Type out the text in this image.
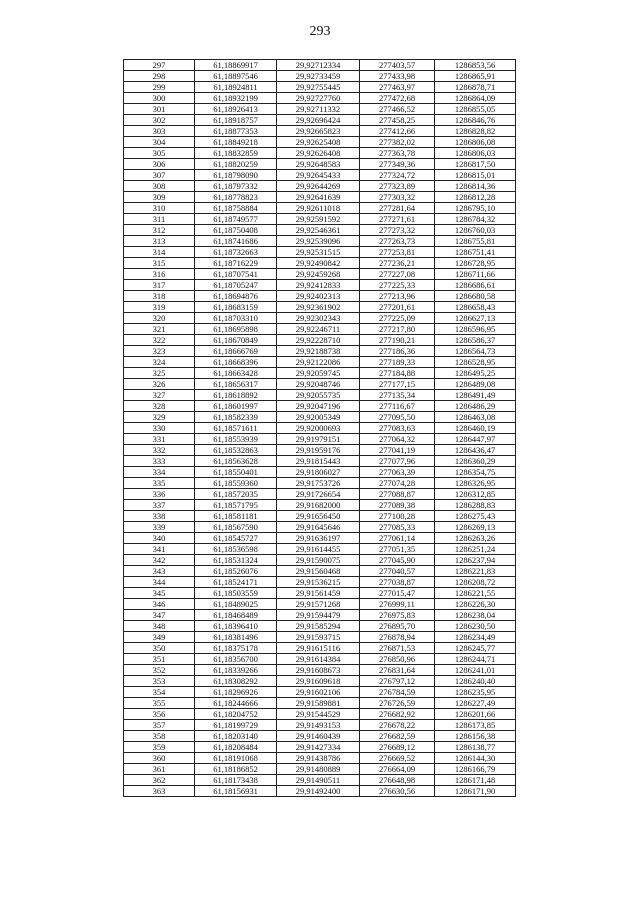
293
297	61,18869917	29,92712334	277403,57	1286853,56
298	61,18897546	29,92733459	277433,98	1286865,91
299	61,18924811	29,92755445	277463,97	1286878,71
300	61,18932199	29,92727760	277472,68	1286864,09
301	61,18926413	29,92711332	277466,52	1286855,05
302	61,18918757	29,92696424	277458,25	1286846,76
303	61,18877353	29,92665823	277412,66	1286828,82
304	61,18849218	29,92625408	277382,02	1286806,08
305	61,18832859	29,92626408	277363,78	1286806,03
306	61,18820259	29,92648583	277349,36	1286817,50
307	61,18798090	29,92645433	277324,72	1286815,01
308	61,18797332	29,92644269	277323,89	1286814,36
309	61,18778823	29,92641639	277303,32	1286812,28
310	61,18758884	29,92611018	277281,64	1286795,10
311	61,18749577	29,92591592	277271,61	1286784,32
312	61,18750408	29,92546361	277273,32	1286760,03
313	61,18741686	29,92539096	277263,73	1286755,81
314	61,18732663	29,92531515	277253,81	1286751,41
315	61,18716229	29,92490842	277236,21	1286728,95
316	61,18707541	29,92459268	277227,08	1286711,66
317	61,18705247	29,92412833	277225,33	1286686,61
318	61,18694876	29,92402313	277213,96	1286680,58
319	61,18683159	29,92361902	277201,61	1286658,43
320	61,18703310	29,92302343	277225,09	1286627,13
321	61,18695898	29,92246711	277217,80	1286596,95
322	61,18670849	29,92228710	277190,21	1286586,37
323	61,18666769	29,92188738	277186,36	1286564,73
324	61,18668396	29,92122086	277189,33	1286528,95
325	61,18663428	29,92059745	277184,88	1286495,25
326	61,18656317	29,92048746	277177,15	1286489,08
327	61,18618892	29,92055735	277135,34	1286491,49
328	61,18601997	29,92047196	277116,67	1286486,29
329	61,18582339	29,92005349	277095,50	1286463,08
330	61,18571611	29,92000693	277083,63	1286460,19
331	61,18553939	29,91979151	277064,32	1286447,97
332	61,18532863	29,91959176	277041,19	1286436,47
333	61,18563628	29,91815443	277077,96	1286360,29
334	61,18550401	29,91806027	277063,39	1286354,75
335	61,18559360	29,91753726	277074,28	1286326,95
336	61,18572035	29,91726654	277088,87	1286312,85
337	61,18571795	29,91682000	277089,38	1286288,83
338	61,18581181	29,91656450	277100,28	1286275,43
339	61,18567590	29,91645646	277085,33	1286269,13
340	61,18545727	29,91636197	277061,14	1286263,26
341	61,18536598	29,91614455	277051,35	1286251,24
342	61,18531324	29,91590075	277045,90	1286237,94
343	61,18526076	29,91560468	277040,57	1286221,83
344	61,18524171	29,91536215	277038,87	1286208,72
345	61,18503559	29,91561459	277015,47	1286221,55
346	61,18489025	29,91571268	276999,11	1286226,30
347	61,18468489	29,91594479	276975,83	1286238,04
348	61,18396410	29,91585294	276895,70	1286230,50
349	61,18381496	29,91593715	276878,94	1286234,49
350	61,18375178	29,91615116	276871,53	1286245,77
351	61,18356700	29,91614384	276850,96	1286244,71
352	61,18339266	29,91608673	276831,64	1286241,01
353	61,18308292	29,91609618	276797,12	1286240,40
354	61,18296926	29,91602106	276784,59	1286235,95
355	61,18244666	29,91589881	276726,59	1286227,49
356	61,18204752	29,91544529	276682,92	1286201,66
357	61,18199729	29,91493153	276678,22	1286173,85
358	61,18203140	29,91460439	276682,59	1286156,38
359	61,18208484	29,91427334	276689,12	1286138,77
360	61,18191068	29,91438786	276669,52	1286144,30
361	61,18186852	29,91480889	276664,09	1286166,79
362	61,18173438	29,91490511	276648,98	1286171,48
363	61,18156931	29,91492400	276630,56	1286171,90
